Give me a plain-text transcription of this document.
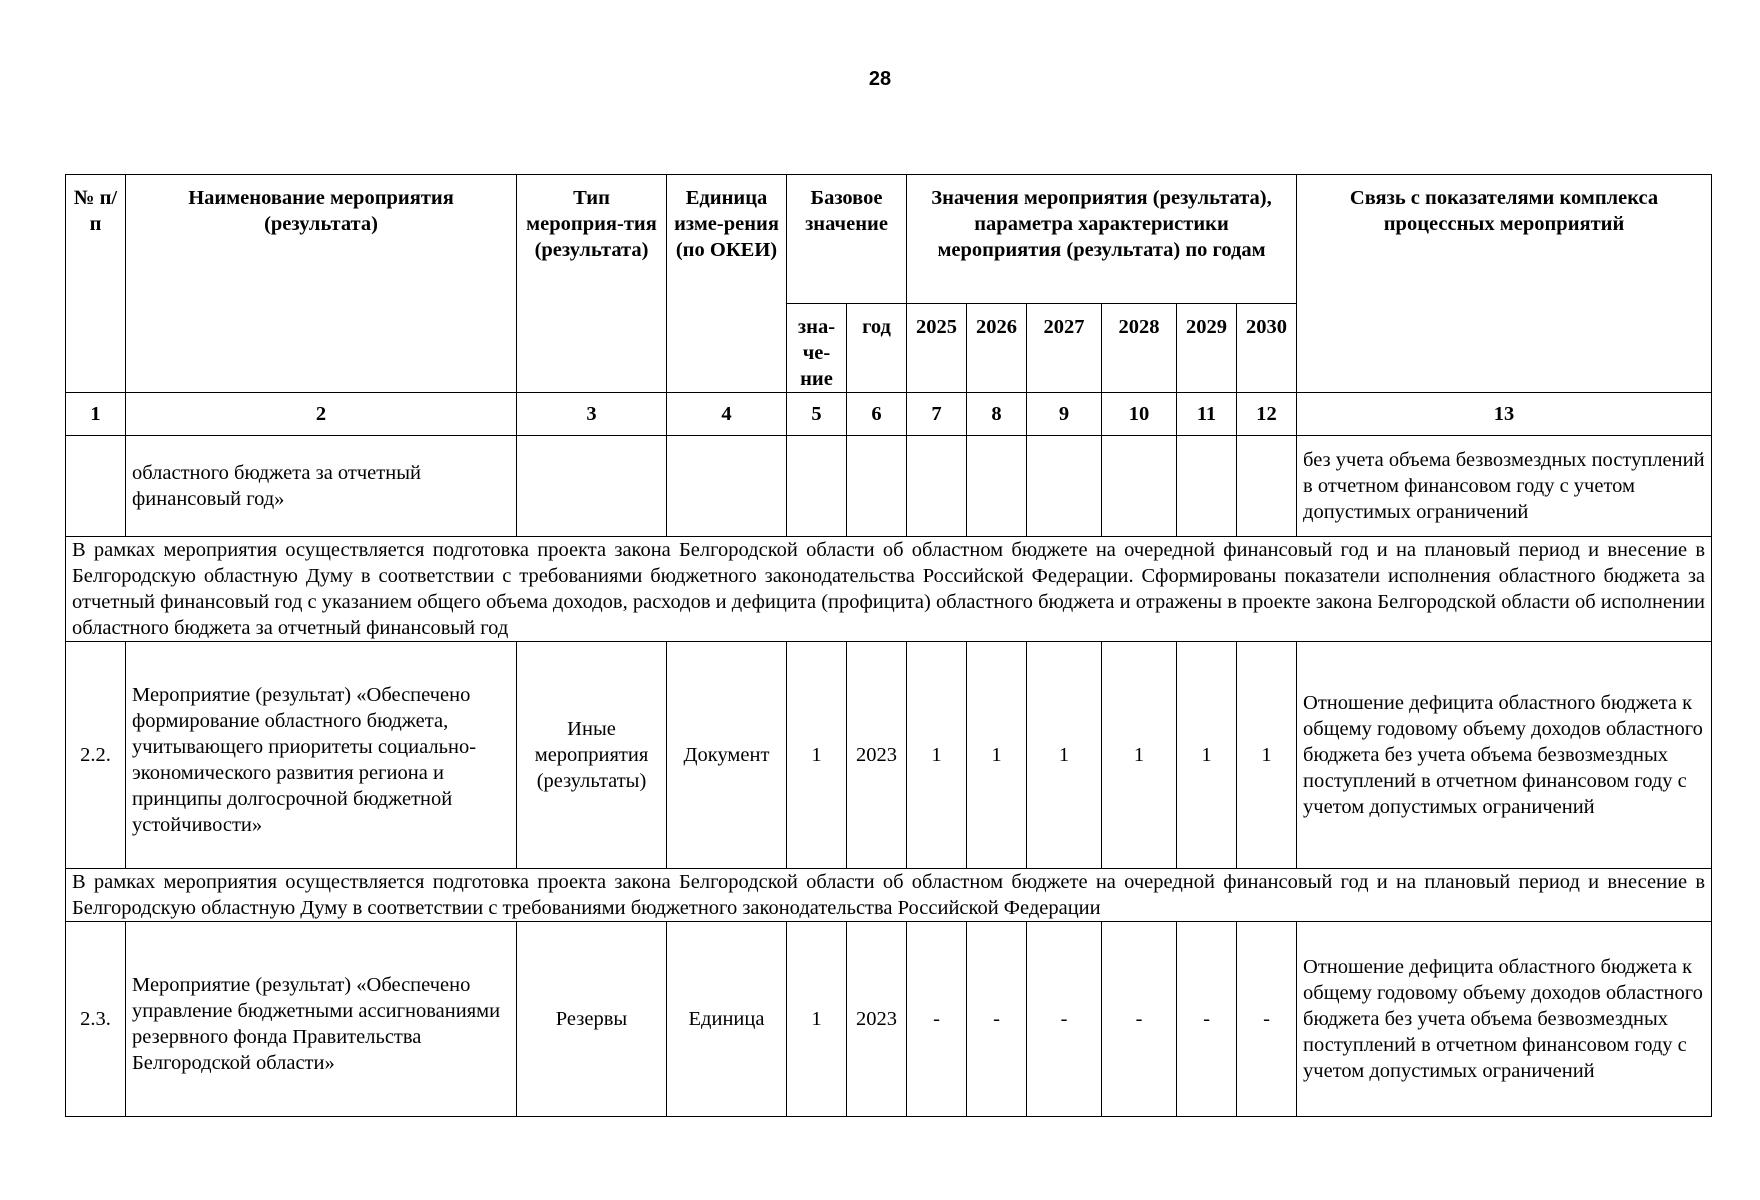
28
№ п/п	Наименование мероприятия (результата)	Тип мероприя-тия (результата)	Единица изме-рения (по ОКЕИ)	Базовое значение		Значения мероприятия (результата), параметра характеристики мероприятия (результата) по годам						Связь с показателями комплекса процессных мероприятий
				зна-че-ние	год	2025	2026	2027	2028	2029	2030	
1	2	3	4	5	6	7	8	9	10	11	12	13
	областного бюджета за отчетный финансовый год»											без учета объема безвозмездных поступлений в отчетном финансовом году с учетом допустимых ограничений
В рамках мероприятия осуществляется подготовка проекта закона Белгородской области об областном бюджете на очередной финансовый год и на плановый период и внесение в Белгородскую областную Думу в соответствии с требованиями бюджетного законодательства Российской Федерации. Сформированы показатели исполнения областного бюджета за отчетный финансовый год с указанием общего объема доходов, расходов и дефицита (профицита) областного бюджета и отражены в проекте закона Белгородской области об исполнении областного бюджета за отчетный финансовый год												
2.2.	Мероприятие (результат) «Обеспечено формирование областного бюджета, учитывающего приоритеты социально-экономического развития региона и принципы долгосрочной бюджетной устойчивости»	Иные мероприятия (результаты)	Документ	1	2023	1	1	1	1	1	1	Отношение дефицита областного бюджета к общему годовому объему доходов областного бюджета без учета объема безвозмездных поступлений в отчетном финансовом году с учетом допустимых ограничений
В рамках мероприятия осуществляется подготовка проекта закона Белгородской области об областном бюджете на очередной финансовый год и на плановый период и внесение в Белгородскую областную Думу в соответствии с требованиями бюджетного законодательства Российской Федерации												
2.3.	Мероприятие (результат) «Обеспечено управление бюджетными ассигнованиями резервного фонда Правительства Белгородской области»	Резервы	Единица	1	2023	-	-	-	-	-	-	Отношение дефицита областного бюджета к общему годовому объему доходов областного бюджета без учета объема безвозмездных поступлений в отчетном финансовом году с учетом допустимых ограничений
